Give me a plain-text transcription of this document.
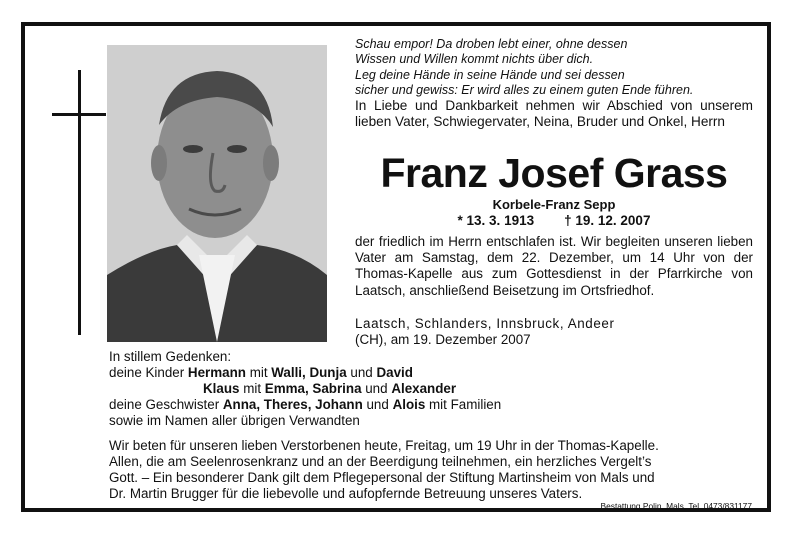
Schau empor! Da droben lebt einer, ohne dessen
Wissen und Willen kommt nichts über dich.
Leg deine Hände in seine Hände und sei dessen
sicher und gewiss: Er wird alles zu einem guten Ende führen.
In Liebe und Dankbarkeit nehmen wir Abschied von unserem lieben Vater, Schwiegervater, Neina, Bruder und Onkel, Herrn
Franz Josef Grass
Korbele-Franz Sepp
* 13. 3. 1913 † 19. 12. 2007
der friedlich im Herrn entschlafen ist. Wir begleiten unseren lieben Vater am Samstag, dem 22. Dezember, um 14 Uhr von der Thomas-Kapelle aus zum Gottesdienst in der Pfarrkirche von Laatsch, anschließend Beisetzung im Ortsfriedhof.
Laatsch, Schlanders, Innsbruck, Andeer
(CH), am 19. Dezember 2007
In stillem Gedenken:
deine Kinder Hermann mit Walli, Dunja und David
Klaus mit Emma, Sabrina und Alexander
deine Geschwister Anna, Theres, Johann und Alois mit Familien
sowie im Namen aller übrigen Verwandten
Wir beten für unseren lieben Verstorbenen heute, Freitag, um 19 Uhr in der Thomas-Kapelle.
Allen, die am Seelenrosenkranz und an der Beerdigung teilnehmen, ein herzliches Vergelt’s
Gott. – Ein besonderer Dank gilt dem Pflegepersonal der Stiftung Martinsheim von Mals und
Dr. Martin Brugger für die liebevolle und aufopfernde Betreuung unseres Vaters.
Bestattung Polin, Mals, Tel. 0473/831177
